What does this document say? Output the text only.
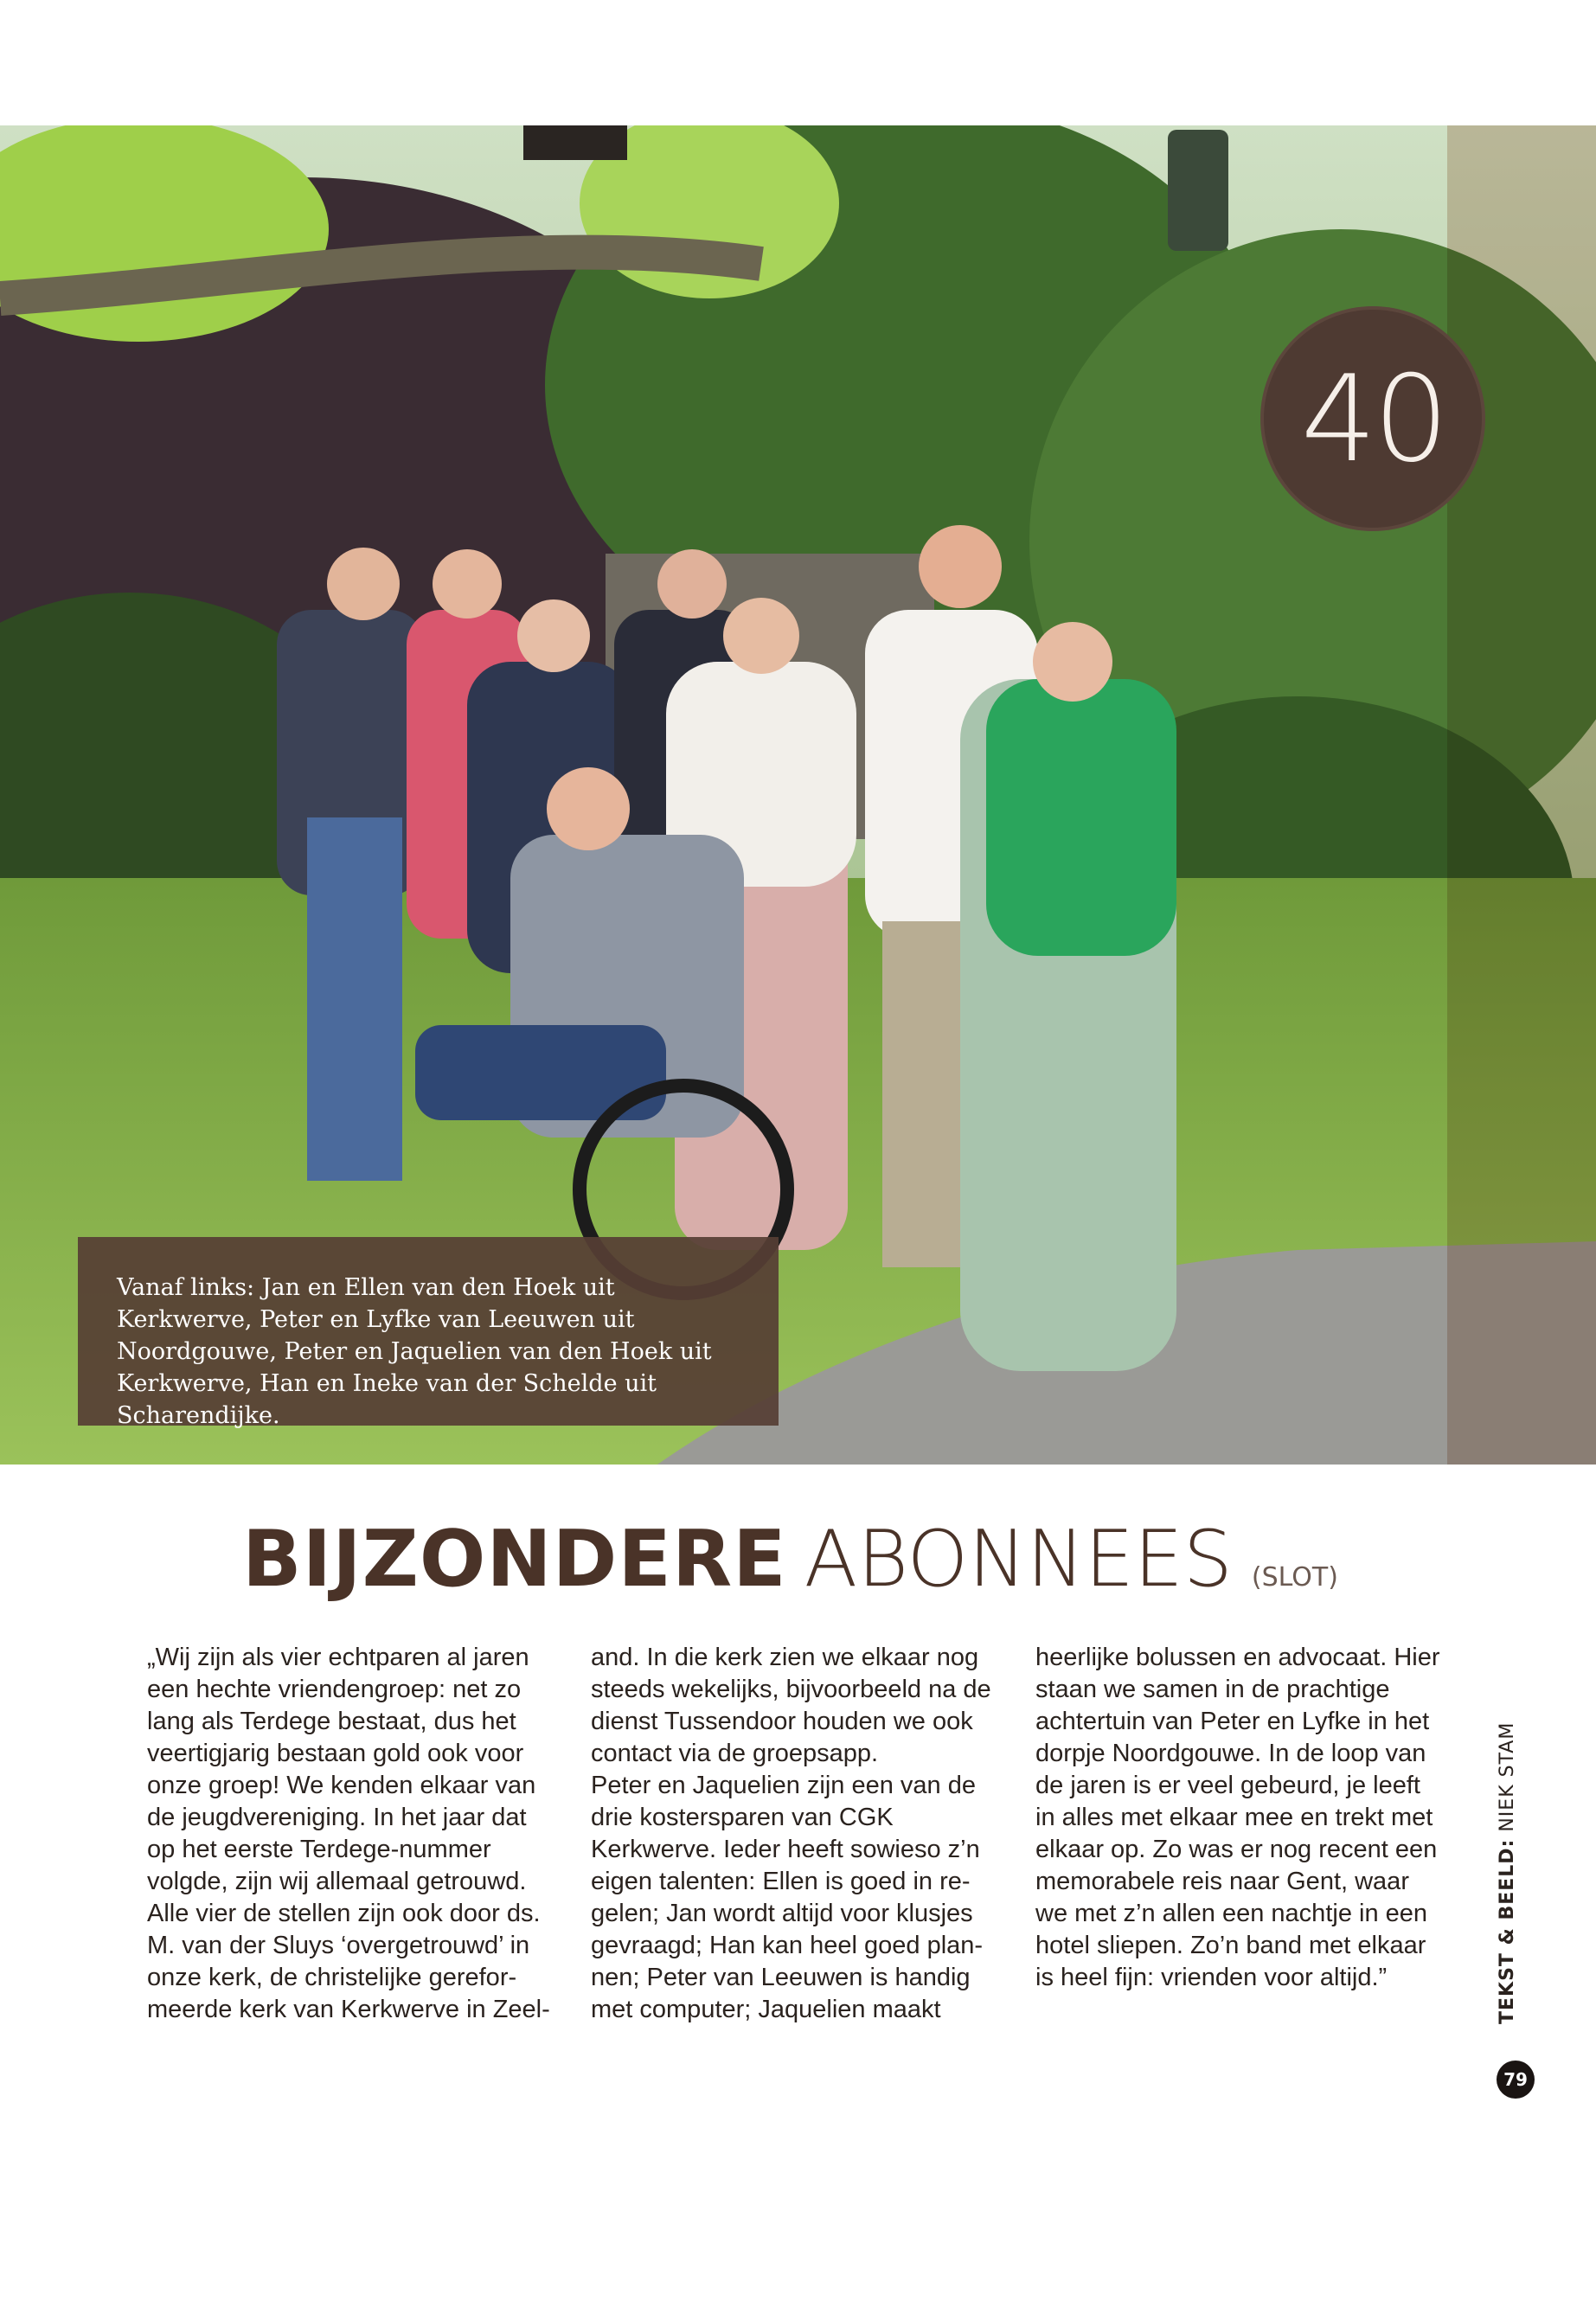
40
Vanaf links: Jan en Ellen van den Hoek uit Kerkwerve, Peter en Lyfke van Leeuwen uit Noordgouwe, Peter en Jaquelien van den Hoek uit Kerkwerve, Han en Ineke van der Schelde uit Scharendijke.
BIJZONDERE ABONNEES (SLOT)

„Wij zijn als vier echtparen al jaren een hechte vriendengroep: net zo lang als Terdege bestaat, dus het veertigjarig bestaan gold ook voor onze groep! We kenden elkaar van de jeugdvereniging. In het jaar dat op het eerste Terdege-nummer volgde, zijn wij allemaal getrouwd. Alle vier de stellen zijn ook door ds. M. van der Sluys ‘overgetrouwd’ in onze kerk, de christelijke gereformeerde kerk van Kerkwerve in Zeel-

and. In die kerk zien we elkaar nog steeds wekelijks, bijvoorbeeld na de dienst Tussendoor houden we ook contact via de groepsapp.

Peter en Jaquelien zijn een van de drie kostersparen van CGK Kerkwerve. Ieder heeft sowieso z’n eigen talenten: Ellen is goed in regelen; Jan wordt altijd voor klusjes gevraagd; Han kan heel goed plannen; Peter van Leeuwen is handig met computer; Jaquelien maakt

heerlijke bolussen en advocaat. Hier staan we samen in de prachtige achtertuin van Peter en Lyfke in het dorpje Noordgouwe. In de loop van de jaren is er veel gebeurd, je leeft in alles met elkaar mee en trekt met elkaar op. Zo was er nog recent een memorabele reis naar Gent, waar we met z’n allen een nachtje in een hotel sliepen. Zo’n band met elkaar is heel fijn: vrienden voor altijd.”	TEKST & BEELD: NIEK STAM
79
